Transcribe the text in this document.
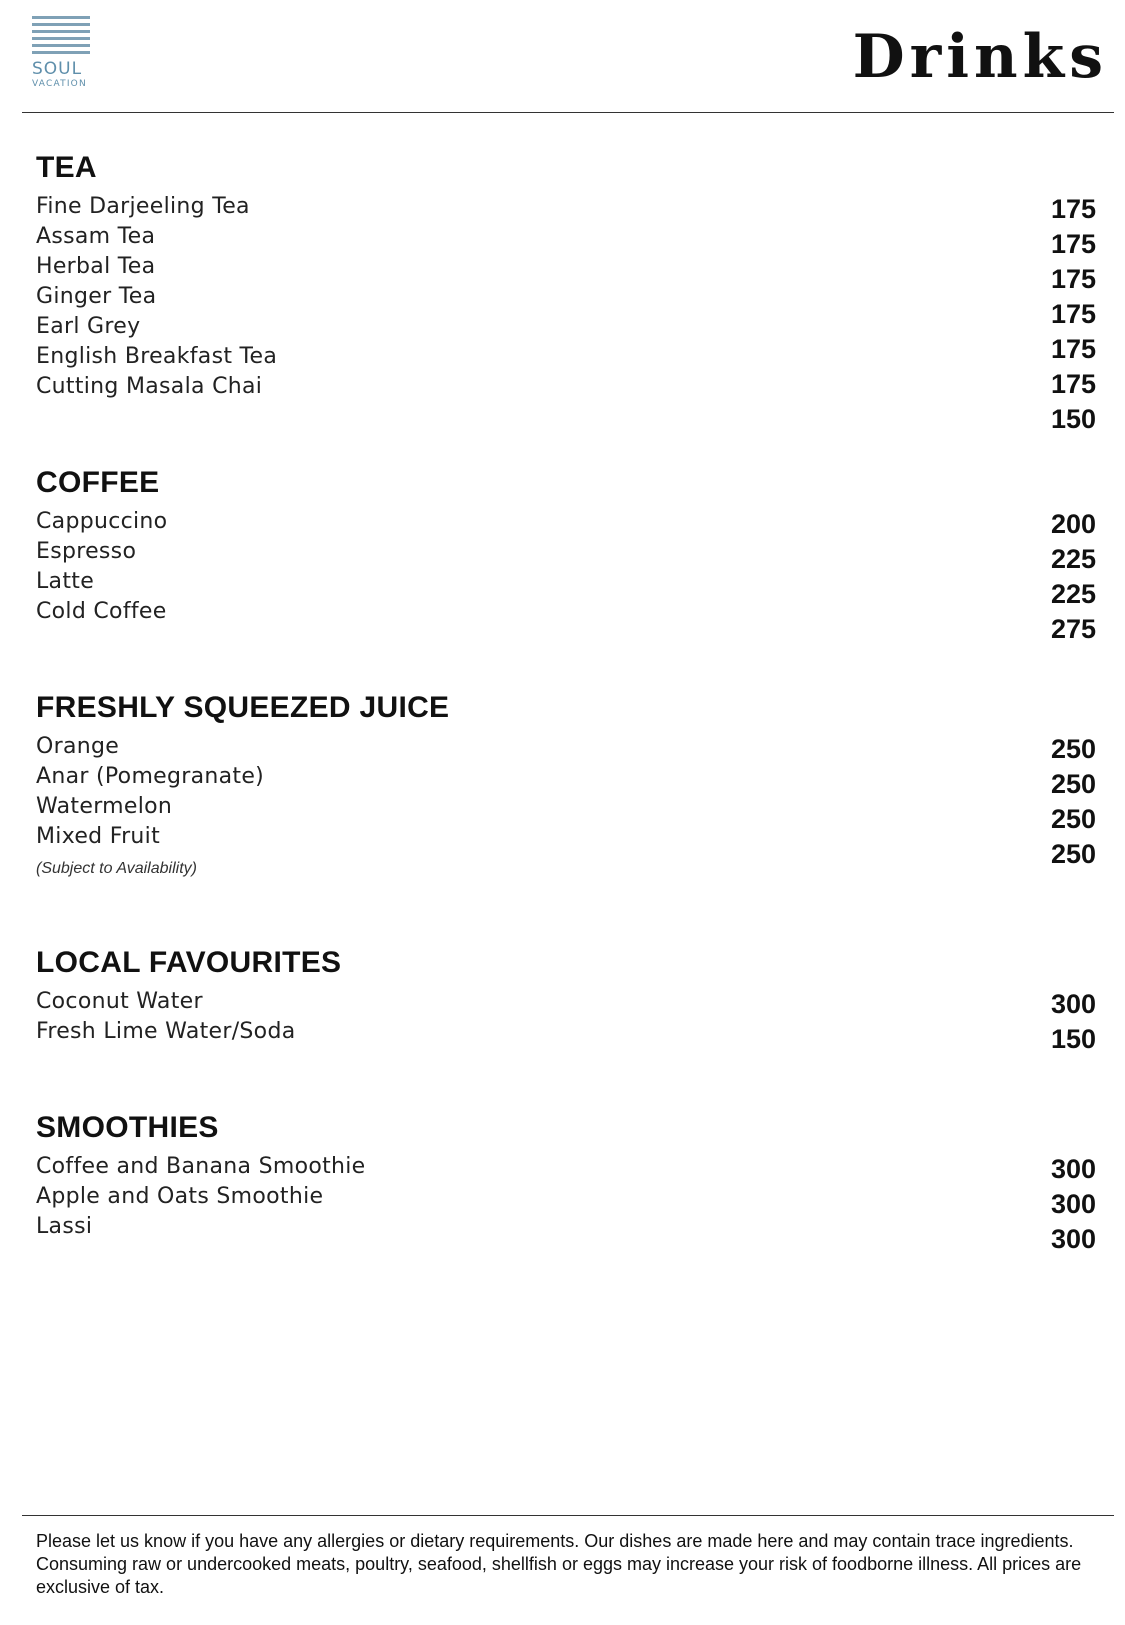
SOUL
VACATION	Drinks
TEA
Fine Darjeeling Tea
Assam Tea
Herbal Tea
Ginger Tea
Earl Grey
English Breakfast Tea
Cutting Masala Chai
175
175
175
175
175
175
150
COFFEE
Cappuccino
Espresso
Latte
Cold Coffee
200
225
225
275
FRESHLY SQUEEZED JUICE
Orange
Anar (Pomegranate)
Watermelon
Mixed Fruit
(Subject to Availability)
250
250
250
250
LOCAL FAVOURITES
Coconut Water
Fresh Lime Water/Soda
300
150
SMOOTHIES
Coffee and Banana Smoothie
Apple and Oats Smoothie
Lassi
300
300
300
Please let us know if you have any allergies or dietary requirements. Our dishes are made here and may contain trace ingredients. Consuming raw or undercooked meats, poultry, seafood, shellfish or eggs may increase your risk of foodborne illness. All prices are exclusive of tax.
